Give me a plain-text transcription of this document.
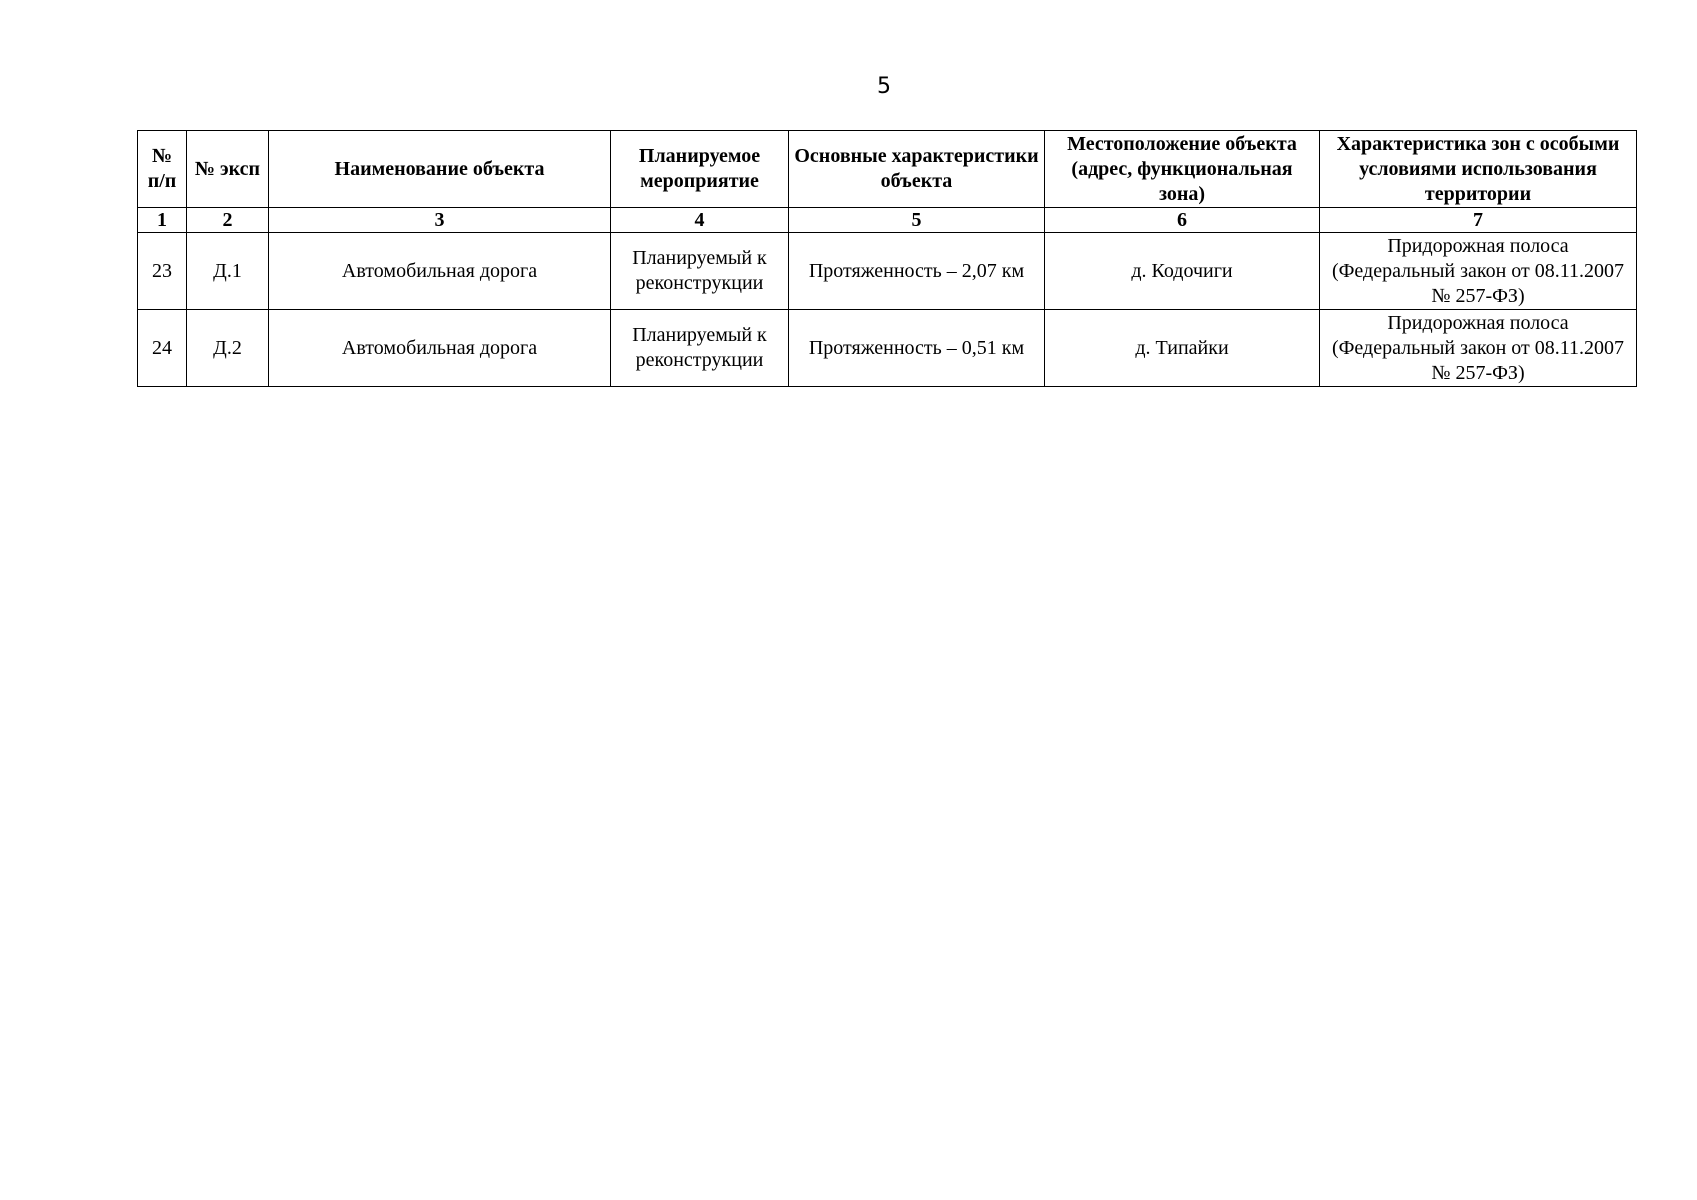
5
№ п/п	№ эксп	Наименование объекта	Планируемое мероприятие	Основные характеристики объекта	Местоположение объекта (адрес, функциональная зона)	Характеристика зон с особыми условиями использования территории
1	2	3	4	5	6	7
23	Д.1	Автомобильная дорога	Планируемый к реконструкции	Протяженность – 2,07 км	д. Кодочиги	Придорожная полоса (Федеральный закон от 08.11.2007 № 257-ФЗ)
24	Д.2	Автомобильная дорога	Планируемый к реконструкции	Протяженность – 0,51 км	д. Типайки	Придорожная полоса (Федеральный закон от 08.11.2007 № 257-ФЗ)
